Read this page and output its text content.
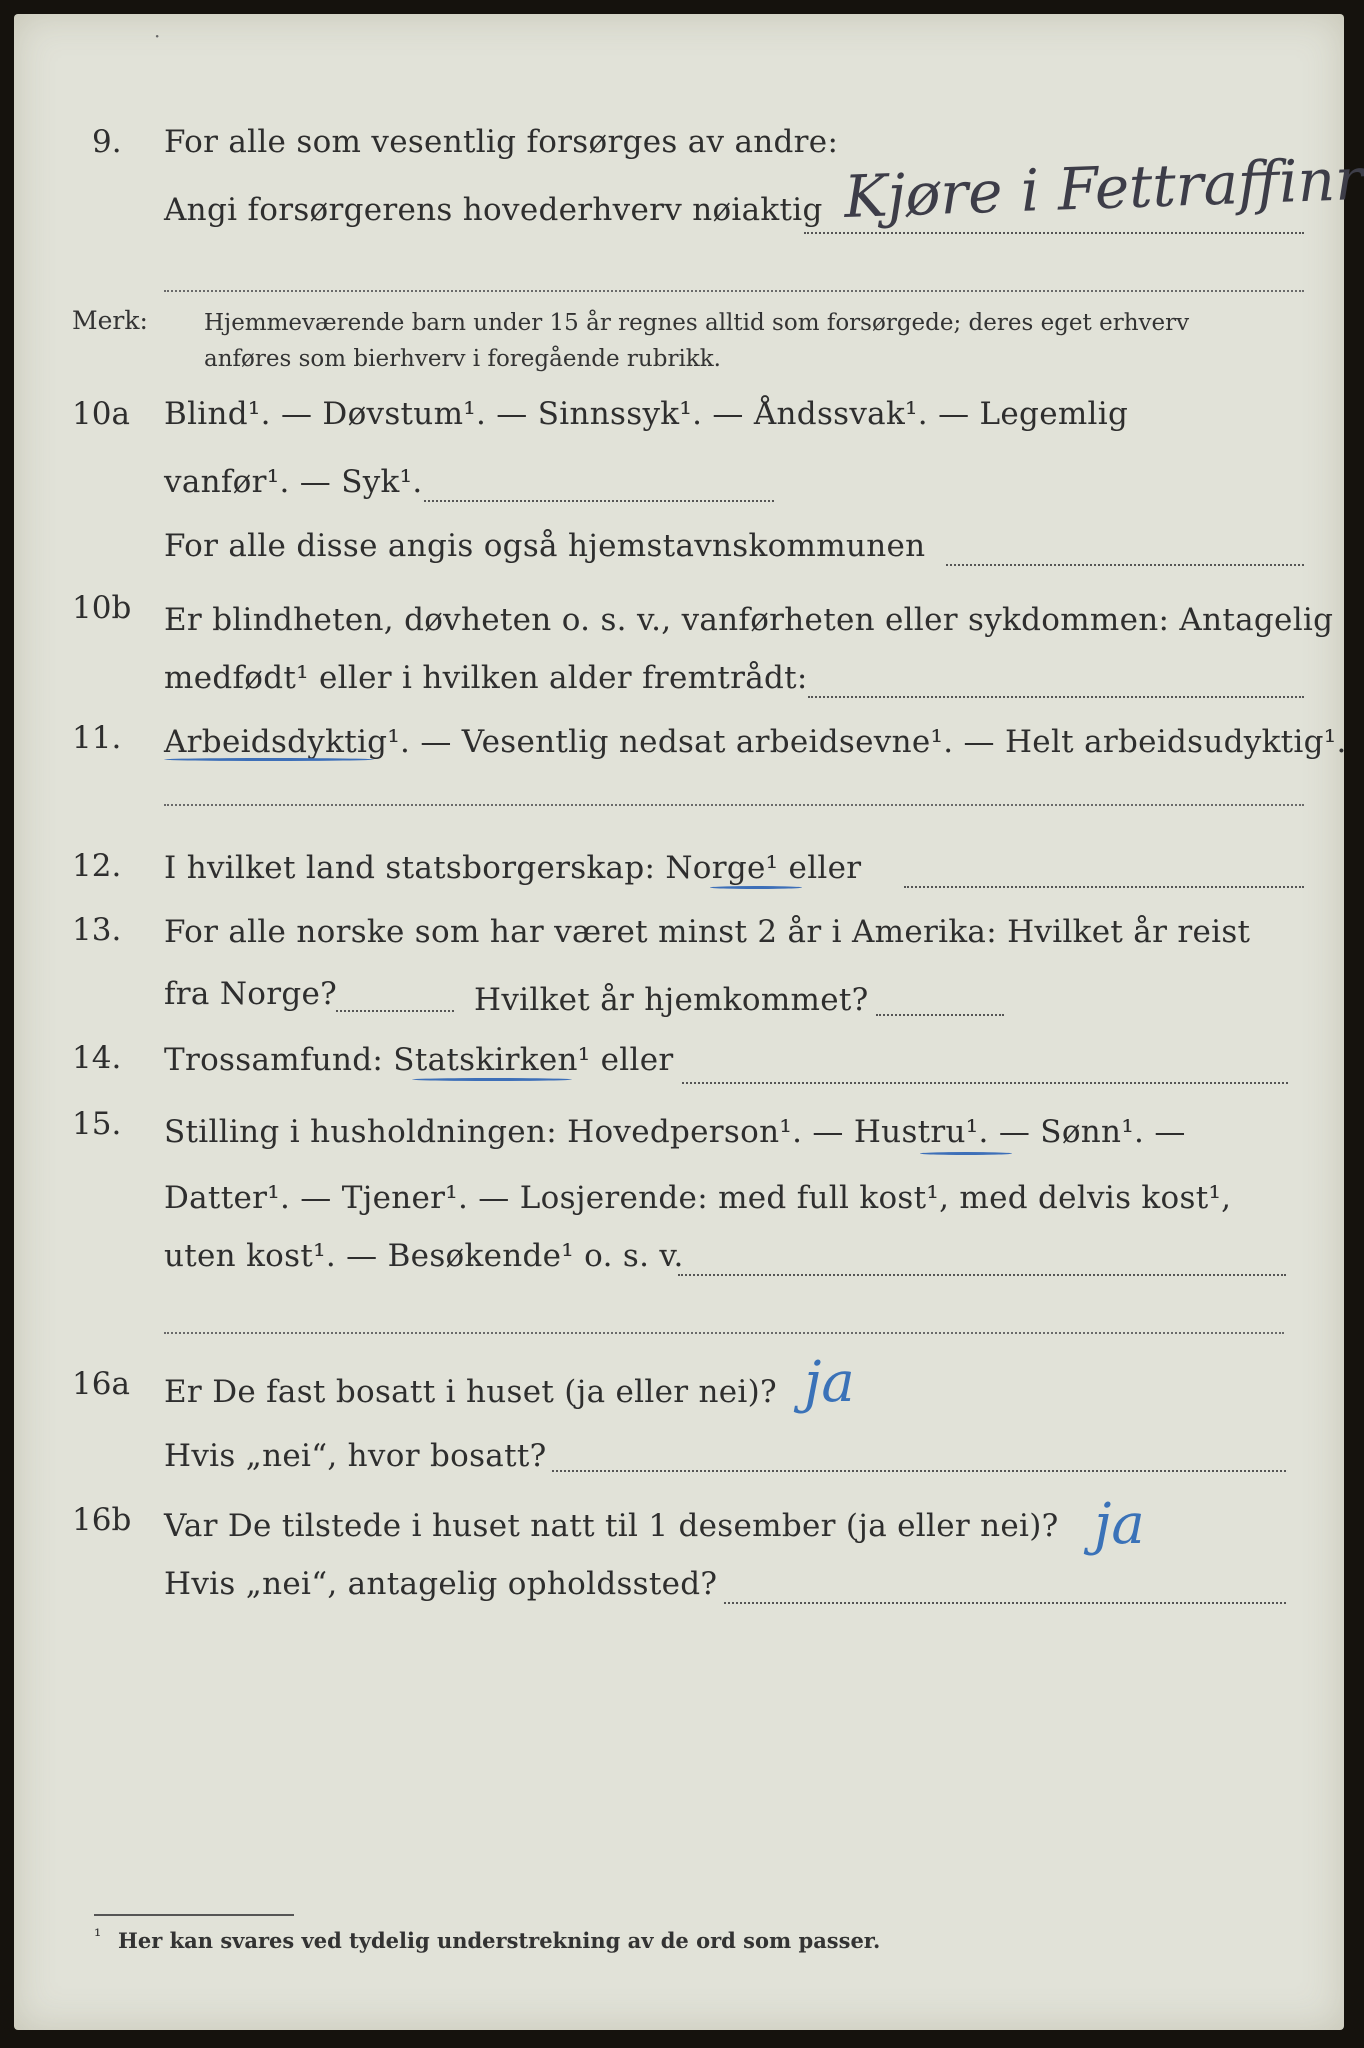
·
9. For alle som vesentlig forsørges av andre:
Angi forsørgerens hovederhverv nøiaktig Kjøre i Fettraffinr
Merk: Hjemmeværende barn under 15 år regnes alltid som forsørgede; deres eget erhverv
anføres som bierhverv i foregående rubrikk.
10a Blind¹. — Døvstum¹. — Sinnssyk¹. — Åndssvak¹. — Legemlig
vanfør¹. — Syk¹.
For alle disse angis også hjemstavnskommunen
10b Er blindheten, døvheten o. s. v., vanførheten eller sykdommen: Antagelig
medfødt¹ eller i hvilken alder fremtrådt:
11. Arbeidsdyktig¹. — Vesentlig nedsat arbeidsevne¹. — Helt arbeidsudyktig¹.
12. I hvilket land statsborgerskap: Norge¹ eller
13. For alle norske som har været minst 2 år i Amerika: Hvilket år reist
fra Norge?	Hvilket år hjemkommet?
14. Trossamfund: Statskirken¹ eller
15. Stilling i husholdningen: Hovedperson¹. — Hustru¹. — Sønn¹. —
Datter¹. — Tjener¹. — Losjerende: med full kost¹, med delvis kost¹,
uten kost¹. — Besøkende¹ o. s. v.
16a Er De fast bosatt i huset (ja eller nei)? ja
Hvis „nei“, hvor bosatt?
16b Var De tilstede i huset natt til 1 desember (ja eller nei)? ja
Hvis „nei“, antagelig opholdssted?
¹ Her kan svares ved tydelig understrekning av de ord som passer.
